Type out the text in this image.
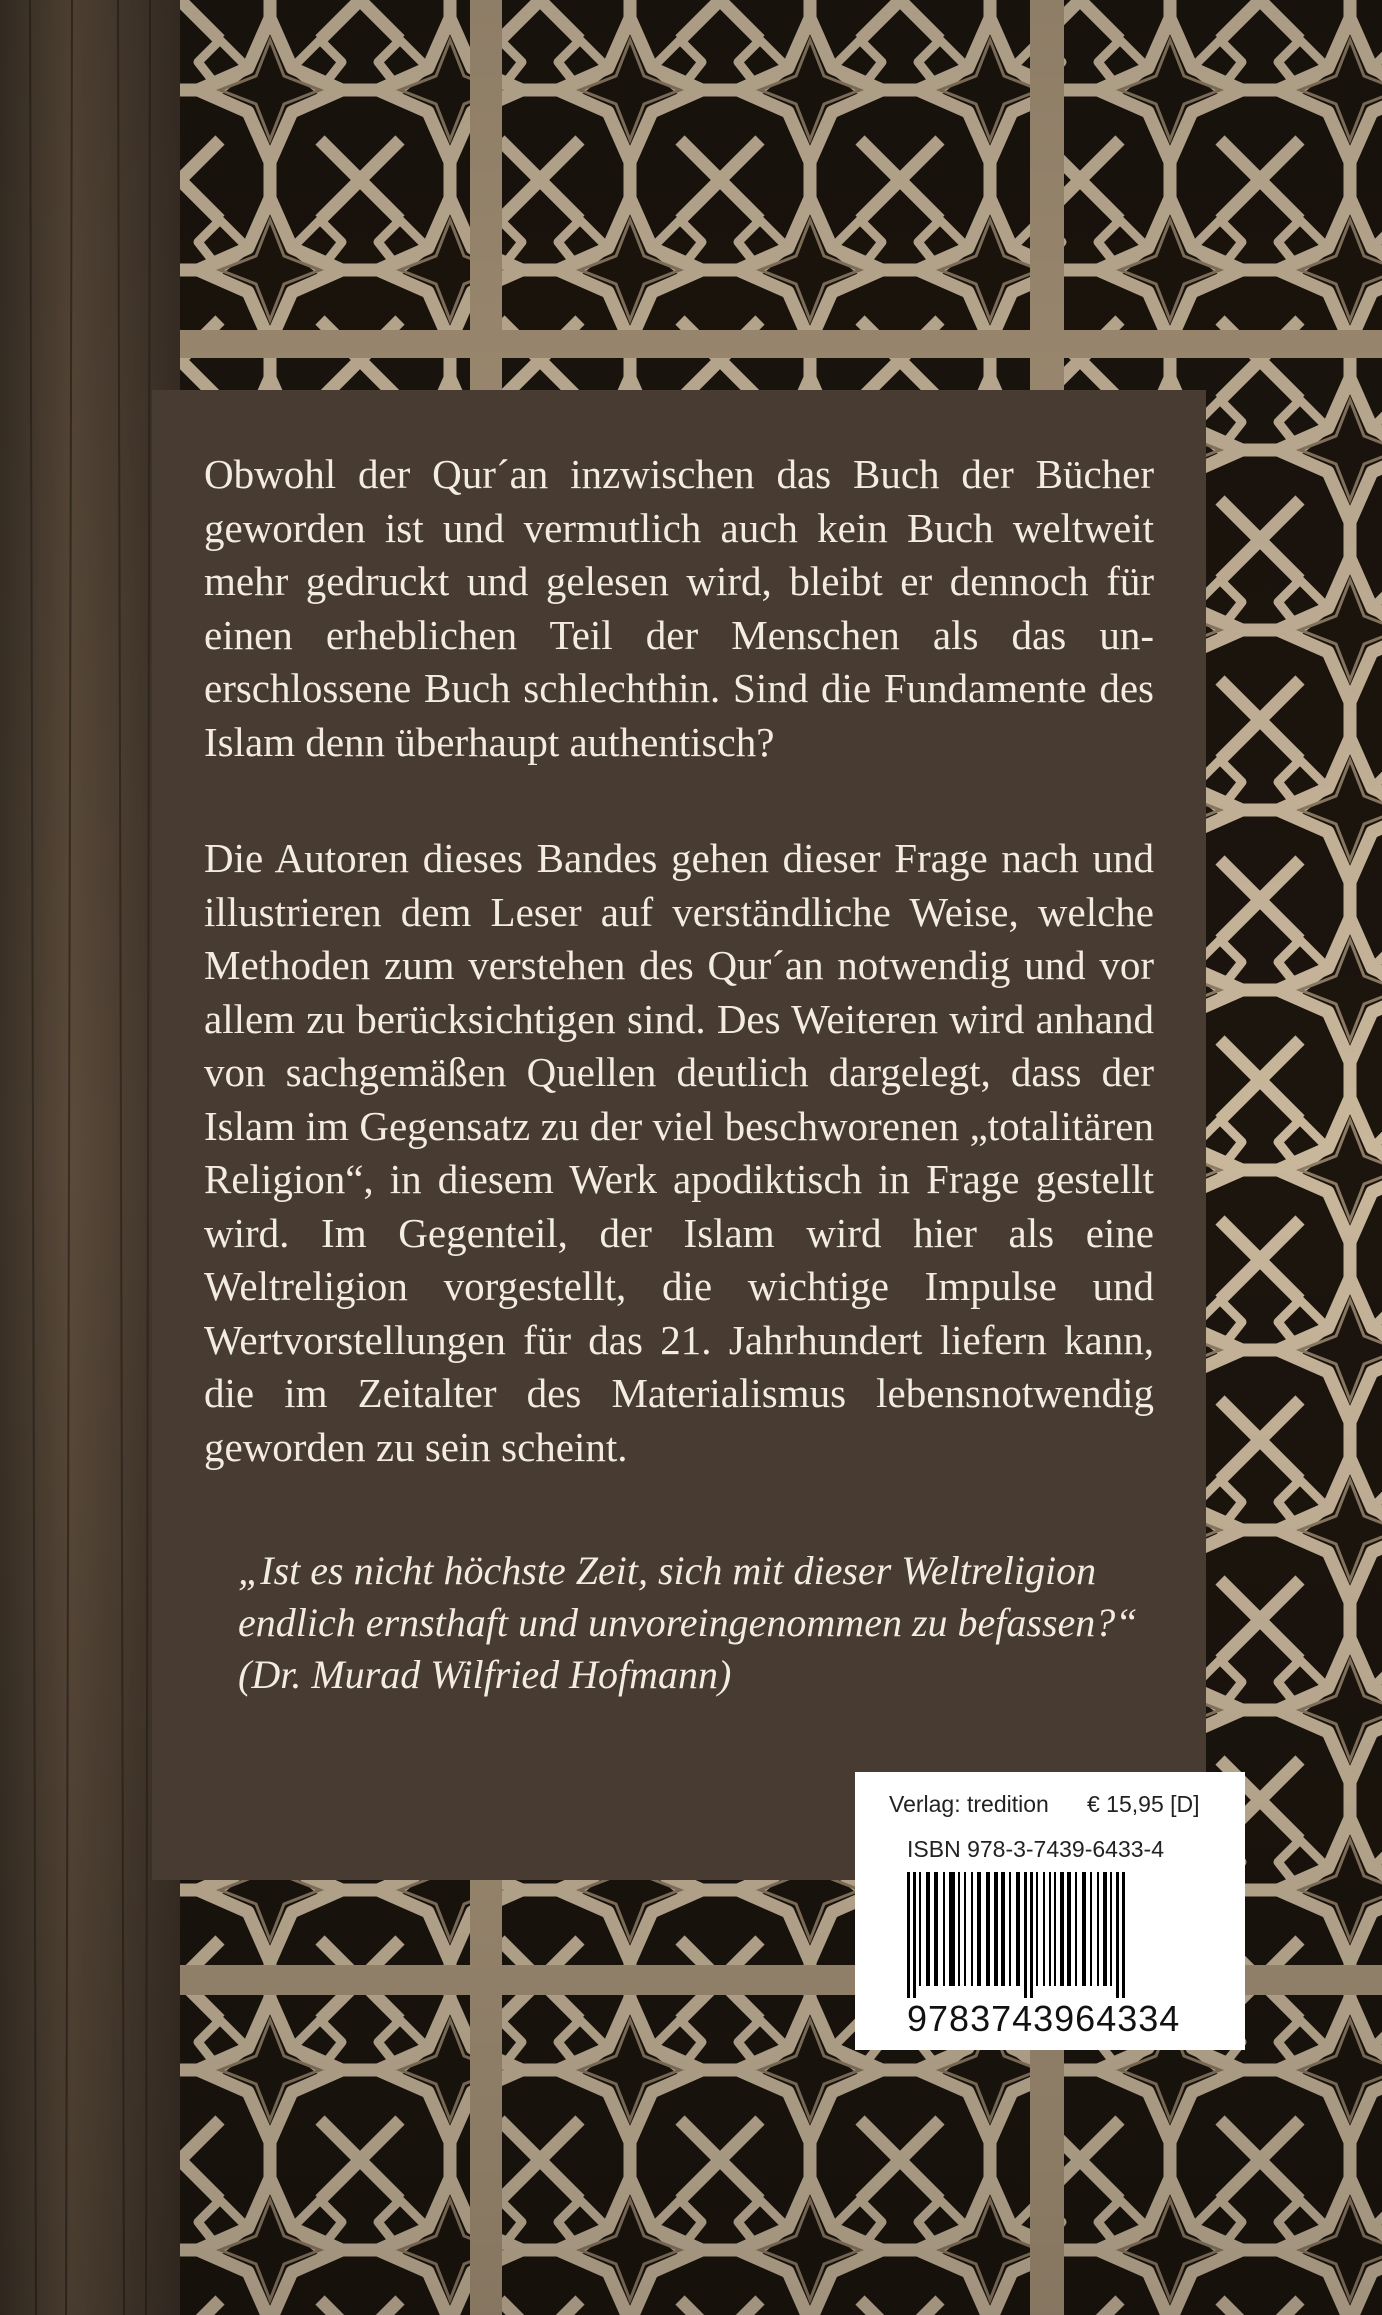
Obwohl der Qur´an inzwischen das Buch der Bücher geworden ist und vermutlich auch kein Buch weltweit mehr gedruckt und gelesen wird, bleibt er dennoch für einen erheblichen Teil der Menschen als das unerschlossene Buch schlechthin. Sind die Fundamente des Islam denn überhaupt authentisch?

Die Autoren dieses Bandes gehen dieser Frage nach und illustrieren dem Leser auf verständliche Weise, welche Methoden zum verstehen des Qur´an notwendig und vor allem zu berücksichtigen sind. Des Weiteren wird anhand von sachgemäßen Quellen deutlich dargelegt, dass der Islam im Gegensatz zu der viel beschworenen „totalitären Religion“, in diesem Werk apodiktisch in Frage gestellt wird. Im Gegenteil, der Islam wird hier als eine Weltreligion vorgestellt, die wichtige Impulse und Wertvorstellungen für das 21. Jahrhundert liefern kann, die im Zeitalter des Materialismus lebensnotwendig geworden zu sein scheint.

„Ist es nicht höchste Zeit, sich mit dieser Weltreligion
endlich ernsthaft und unvoreingenommen zu befassen?“
(Dr. Murad Wilfried Hofmann)

Verlag: tredition € 15,95 [D]
ISBN 978-3-7439-6433-4
9783743964334
